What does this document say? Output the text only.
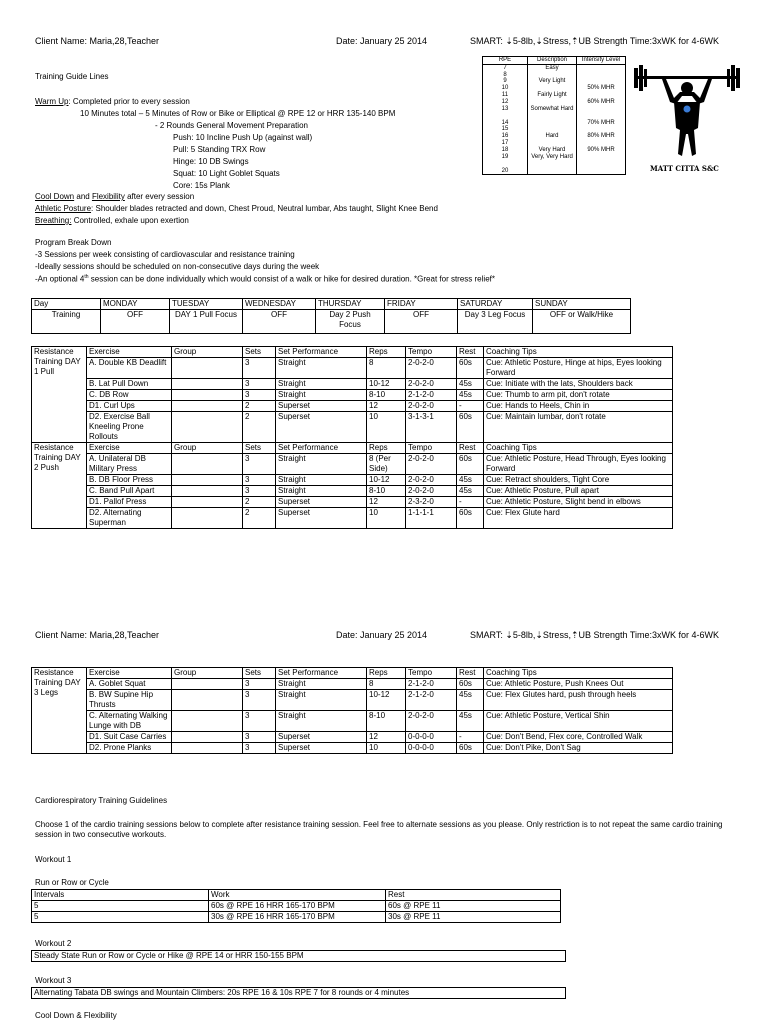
Client Name: Maria,28,Teacher	Date: January 25 2014	SMART: ⇣5-8lb,⇣Stress,⇡UB Strength Time:3xWK for 4-6WK
Training Guide Lines
Warm Up: Completed prior to every session
10 Minutes total – 5 Minutes of Row or Bike or Elliptical @ RPE 12 or HRR 135-140 BPM
- 2 Rounds General Movement Preparation
Push: 10 Incline Push Up (against wall)
Pull: 5 Standing TRX Row
Hinge: 10 DB Swings
Squat: 10 Light Goblet Squats
Core: 15s Plank
Cool Down and Flexibility after every session
Athletic Posture: Shoulder blades retracted and down, Chest Proud, Neutral lumbar, Abs taught, Slight Knee Bend
Breathing: Controlled, exhale upon exertion
RPE	Description	Intensity Level
7	Easy	
8		
9	Very Light	
10		50% MHR
11	Fairly Light	
12		60% MHR
13	Somewhat Hard	
14		70% MHR
15		
16	Hard	80% MHR
17		
18	Very Hard	90% MHR
19	Very, Very Hard	
20			MATT CITTA S&C
Program Break Down
-3 Sessions per week consisting of cardiovascular and resistance training
-Ideally sessions should be scheduled on non-consecutive days during the week
-An optional 4th session can be done individually which would consist of a walk or hike for desired duration. *Great for stress relief*
Day	MONDAY	TUESDAY	WEDNESDAY	THURSDAY	FRIDAY	SATURDAY	SUNDAY
Training	OFF	DAY 1 Pull Focus	OFF	Day 2 Push Focus	OFF	Day 3 Leg Focus	OFF or Walk/Hike
Resistance Training DAY 1 Pull	Exercise	Group	Sets	Set Performance	Reps	Tempo	Rest	Coaching Tips
	A. Double KB Deadlift		3	Straight	8	2-0-2-0	60s	Cue: Athletic Posture, Hinge at hips, Eyes looking Forward
	B. Lat Pull Down		3	Straight	10-12	2-0-2-0	45s	Cue: Initiate with the lats, Shoulders back
	C. DB Row		3	Straight	8-10	2-1-2-0	45s	Cue: Thumb to arm pit, don't rotate
	D1. Curl Ups		2	Superset	12	2-0-2-0	-	Cue: Hands to Heels, Chin in
	D2. Exercise Ball Kneeling Prone Rollouts		2	Superset	10	3-1-3-1	60s	Cue: Maintain lumbar, don't rotate
Resistance Training DAY 2 Push	Exercise	Group	Sets	Set Performance	Reps	Tempo	Rest	Coaching Tips
	A. Unilateral DB Military Press		3	Straight	8 (Per Side)	2-0-2-0	60s	Cue: Athletic Posture, Head Through, Eyes looking Forward
	B. DB Floor Press		3	Straight	10-12	2-0-2-0	45s	Cue: Retract shoulders, Tight Core
	C. Band Pull Apart		3	Straight	8-10	2-0-2-0	45s	Cue: Athletic Posture, Pull apart
	D1. Pallof Press		2	Superset	12	2-3-2-0	-	Cue: Athletic Posture, Slight bend in elbows
	D2. Alternating Superman		2	Superset	10	1-1-1-1	60s	Cue: Flex Glute hard
Client Name: Maria,28,Teacher	Date: January 25 2014	SMART: ⇣5-8lb,⇣Stress,⇡UB Strength Time:3xWK for 4-6WK
Resistance Training DAY 3 Legs	Exercise	Group	Sets	Set Performance	Reps	Tempo	Rest	Coaching Tips
	A. Goblet Squat		3	Straight	8	2-1-2-0	60s	Cue: Athletic Posture, Push Knees Out
	B. BW Supine Hip Thrusts		3	Straight	10-12	2-1-2-0	45s	Cue: Flex Glutes hard, push through heels
	C. Alternating Walking Lunge with DB		3	Straight	8-10	2-0-2-0	45s	Cue: Athletic Posture, Vertical Shin
	D1. Suit Case Carries		3	Superset	12	0-0-0-0	-	Cue: Don't Bend, Flex core, Controlled Walk
	D2. Prone Planks		3	Superset	10	0-0-0-0	60s	Cue: Don't Pike, Don't Sag
Cardiorespiratory Training Guidelines
Choose 1 of the cardio training sessions below to complete after resistance training session. Feel free to alternate sessions as you please. Only restriction is to not repeat the same cardio training session in two consecutive workouts.
Workout 1
Run or Row or Cycle
Intervals	Work	Rest
5	60s @ RPE 16 HRR 165-170 BPM	60s @ RPE 11
5	30s @ RPE 16 HRR 165-170 BPM	30s @ RPE 11
Workout 2
Steady State Run or Row or Cycle or Hike @ RPE 14 or HRR 150-155 BPM
Workout 3
Alternating Tabata DB swings and Mountain Climbers: 20s RPE 16 & 10s RPE 7 for 8 rounds or 4 minutes
Cool Down & Flexibility
